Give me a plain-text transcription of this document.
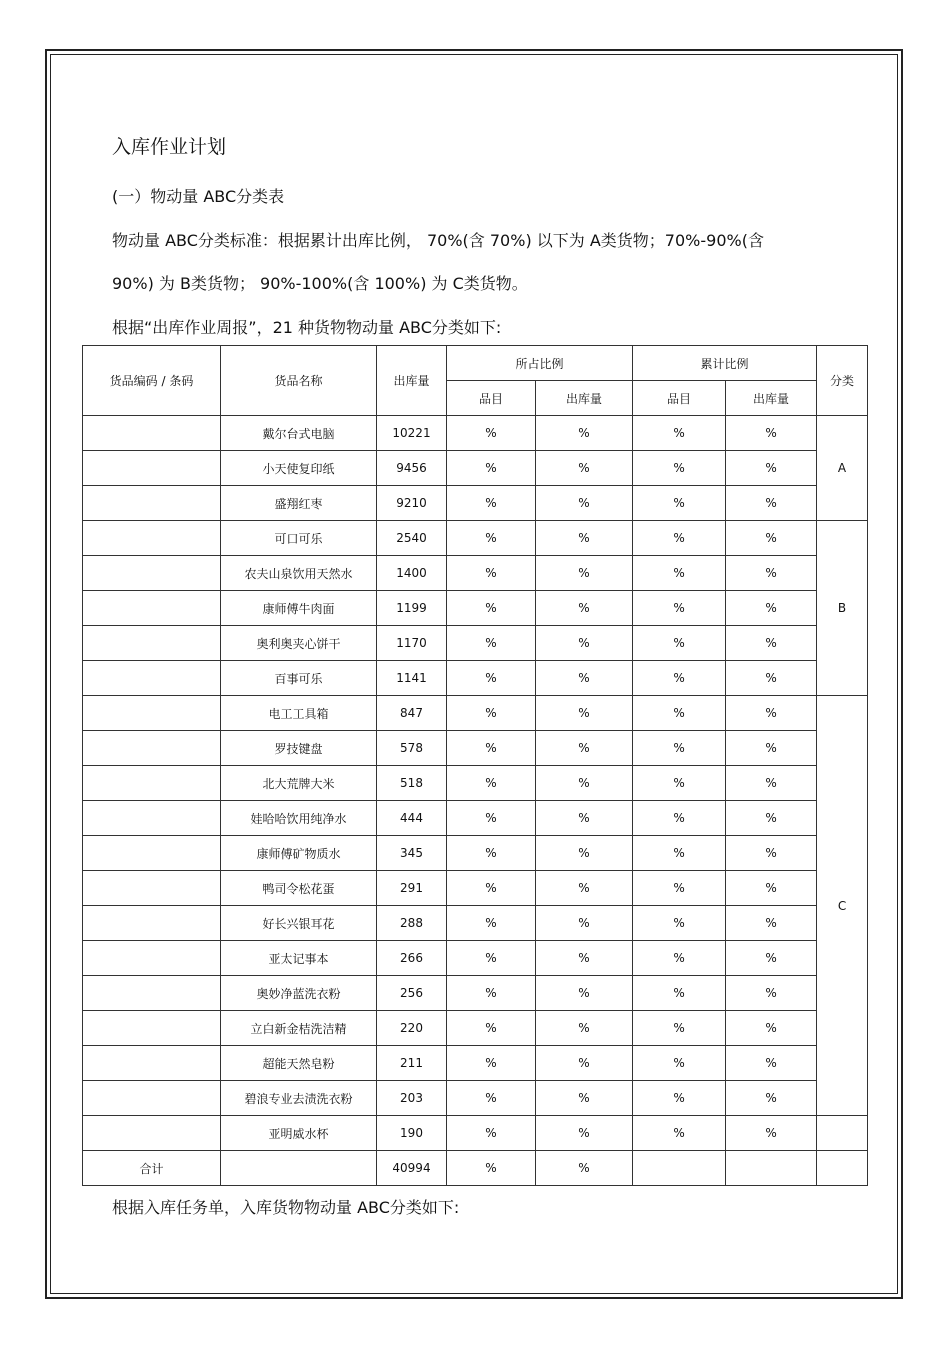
入库作业计划
(一）物动量 ABC分类表
物动量 ABC分类标准：根据累计出库比例， 70%(含 70%) 以下为 A类货物；70%-90%(含
90%) 为 B类货物； 90%-100%(含 100%) 为 C类货物。
根据“出库作业周报”，21 种货物物动量 ABC分类如下:
货品编码 / 条码	货品名称	出库量	所占比例		累计比例		分类
			品目	出库量	品目	出库量	
	戴尔台式电脑	10221	%	%	%	%	A
	小天使复印纸	9456	%	%	%	%	
	盛翔红枣	9210	%	%	%	%	
	可口可乐	2540	%	%	%	%	B
	农夫山泉饮用天然水	1400	%	%	%	%	
	康师傅牛肉面	1199	%	%	%	%	
	奥利奥夹心饼干	1170	%	%	%	%	
	百事可乐	1141	%	%	%	%	
	电工工具箱	847	%	%	%	%	C
	罗技键盘	578	%	%	%	%	
	北大荒牌大米	518	%	%	%	%	
	娃哈哈饮用纯净水	444	%	%	%	%	
	康师傅矿物质水	345	%	%	%	%	
	鸭司令松花蛋	291	%	%	%	%	
	好长兴银耳花	288	%	%	%	%	
	亚太记事本	266	%	%	%	%	
	奥妙净蓝洗衣粉	256	%	%	%	%	
	立白新金桔洗洁精	220	%	%	%	%	
	超能天然皂粉	211	%	%	%	%	
	碧浪专业去渍洗衣粉	203	%	%	%	%	
	亚明威水杯	190	%	%	%	%	
合计		40994	%	%			
根据入库任务单，入库货物物动量 ABC分类如下:
